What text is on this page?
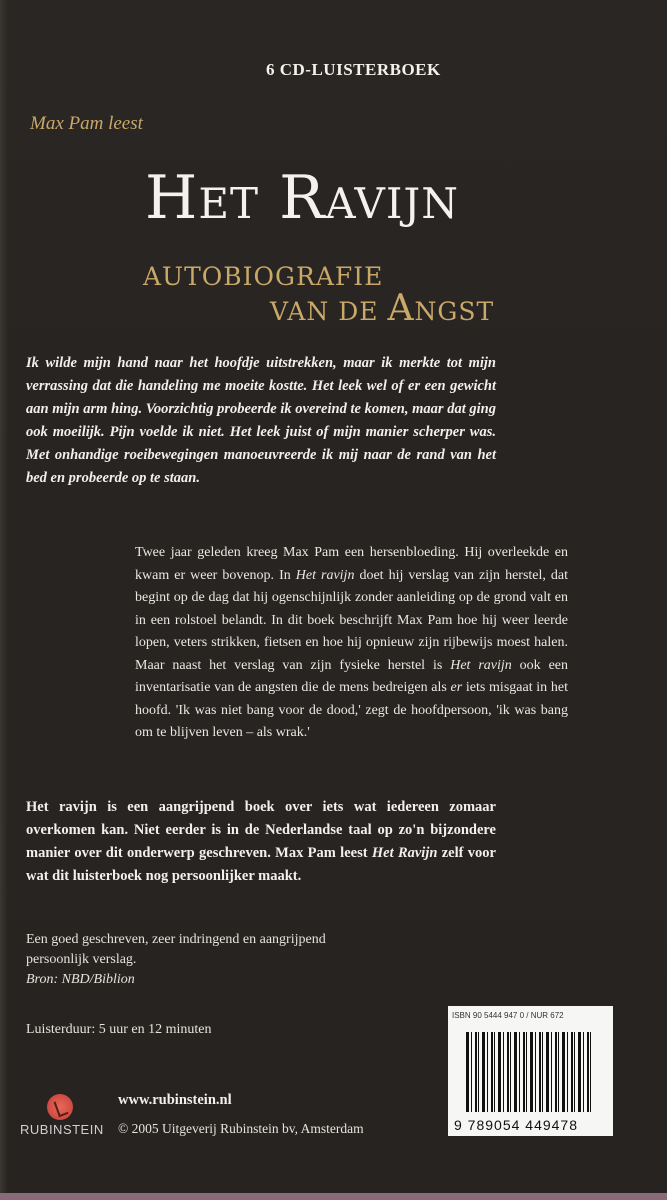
6 CD-LUISTERBOEK
Max Pam leest
Het Ravijn
AUTOBIOGRAFIE
VAN DE Angst
Ik wilde mijn hand naar het hoofdje uitstrekken, maar ik merkte tot mijn verrassing dat die handeling me moeite kostte. Het leek wel of er een gewicht aan mijn arm hing. Voorzichtig probeerde ik overeind te komen, maar dat ging ook moeilijk. Pijn voelde ik niet. Het leek juist of mijn manier scherper was. Met onhandige roeibewegingen manoeuvreerde ik mij naar de rand van het bed en probeerde op te staan.
Twee jaar geleden kreeg Max Pam een hersenbloeding. Hij overleekde en kwam er weer bovenop. In Het ravijn doet hij verslag van zijn herstel, dat begint op de dag dat hij ogenschijnlijk zonder aanleiding op de grond valt en in een rolstoel belandt. In dit boek beschrijft Max Pam hoe hij weer leerde lopen, veters strikken, fietsen en hoe hij opnieuw zijn rijbewijs moest halen. Maar naast het verslag van zijn fysieke herstel is Het ravijn ook een inventarisatie van de angsten die de mens bedreigen als er iets misgaat in het hoofd. 'Ik was niet bang voor de dood,' zegt de hoofdpersoon, 'ik was bang om te blijven leven – als wrak.'
Het ravijn is een aangrijpend boek over iets wat iedereen zomaar overkomen kan. Niet eerder is in de Nederlandse taal op zo'n bijzondere manier over dit onderwerp geschreven. Max Pam leest Het Ravijn zelf voor wat dit luisterboek nog persoonlijker maakt.
Een goed geschreven, zeer indringend en aangrijpend persoonlijk verslag.
Bron: NBD/Biblion
Luisterduur: 5 uur en 12 minuten
RUBINSTEIN
www.rubinstein.nl
© 2005 Uitgeverij Rubinstein bv, Amsterdam
ISBN 90 5444 947 0 / NUR 672
9 789054 449478
